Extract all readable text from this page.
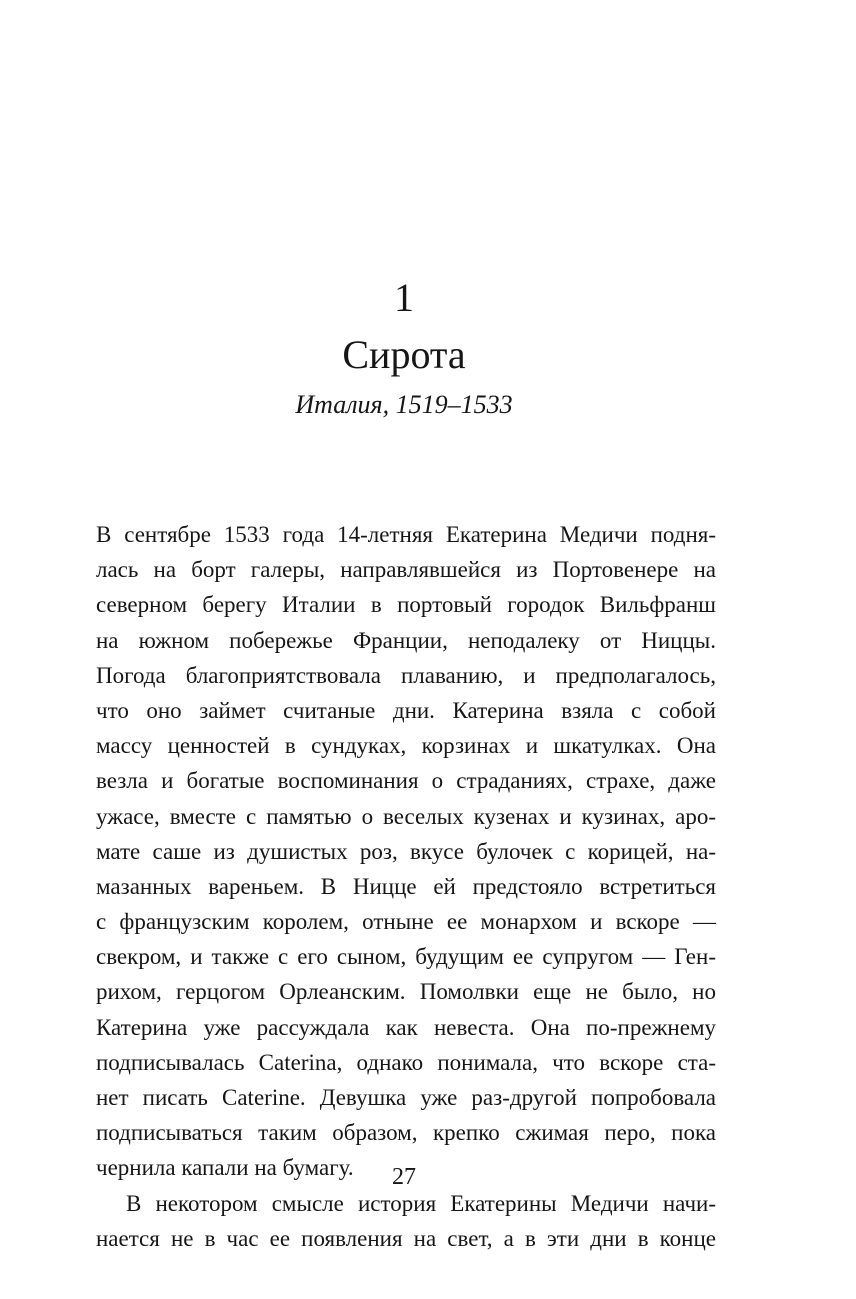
1
Сирота
Италия, 1519–1533
В сентябре 1533 года 14-летняя Екатерина Медичи подня-
лась на борт галеры, направлявшейся из Портовенере на
северном берегу Италии в портовый городок Вильфранш
на южном побережье Франции, неподалеку от Ниццы.
Погода благоприятствовала плаванию, и предполагалось,
что оно займет считаные дни. Катерина взяла с собой
массу ценностей в сундуках, корзинах и шкатулках. Она
везла и богатые воспоминания о страданиях, страхе, даже
ужасе, вместе с памятью о веселых кузенах и кузинах, аро-
мате саше из душистых роз, вкусе булочек с корицей, на-
мазанных вареньем. В Ницце ей предстояло встретиться
с французским королем, отныне ее монархом и вскоре —
свекром, и также с его сыном, будущим ее супругом — Ген-
рихом, герцогом Орлеанским. Помолвки еще не было, но
Катерина уже рассуждала как невеста. Она по-прежнему
подписывалась Caterina, однако понимала, что вскоре ста-
нет писать Caterine. Девушка уже раз-другой попробовала
подписываться таким образом, крепко сжимая перо, пока
чернила капали на бумагу.
В некотором смысле история Екатерины Медичи начи-
нается не в час ее появления на свет, а в эти дни в конце
27
